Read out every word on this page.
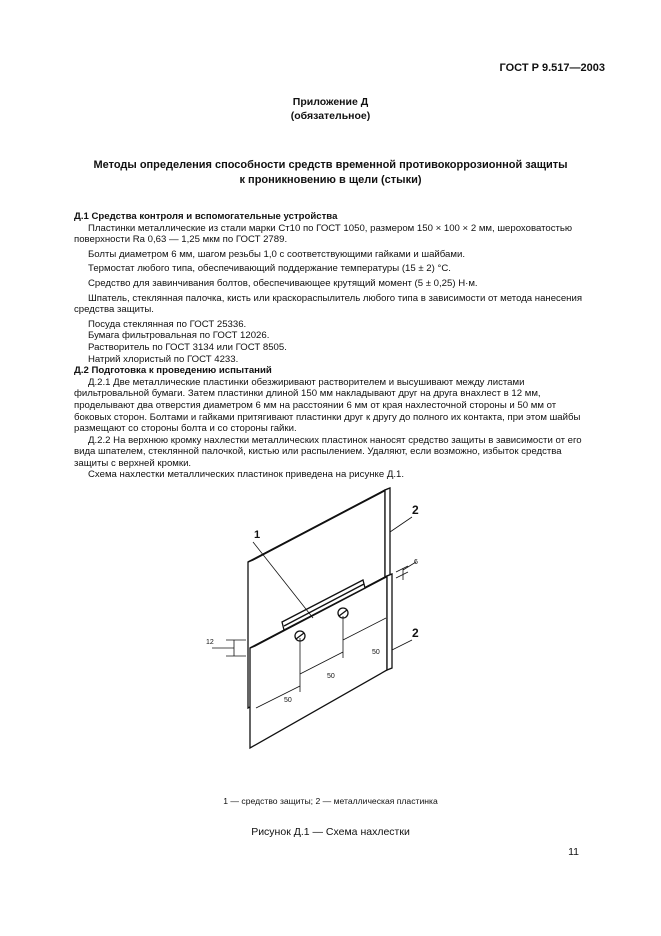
ГОСТ Р 9.517—2003
Приложение Д
(обязательное)
Методы определения способности средств временной противокоррозионной защиты
к проникновению в щели (стыки)

Д.1 Средства контроля и вспомогательные устройства

Пластинки металлические из стали марки Ст10 по ГОСТ 1050, размером 150 × 100 × 2 мм, шероховатостью поверхности Ra 0,63 — 1,25 мкм по ГОСТ 2789.

Болты диаметром 6 мм, шагом резьбы 1,0 с соответствующими гайками и шайбами.

Термостат любого типа, обеспечивающий поддержание температуры (15 ± 2) °С.

Средство для завинчивания болтов, обеспечивающее крутящий момент (5 ± 0,25) Н·м.

Шпатель, стеклянная палочка, кисть или краскораспылитель любого типа в зависимости от метода нанесения средства защиты.

Посуда стеклянная по ГОСТ 25336.

Бумага фильтровальная по ГОСТ 12026.

Растворитель по ГОСТ 3134 или ГОСТ 8505.

Натрий хлористый по ГОСТ 4233.

Д.2 Подготовка к проведению испытаний

Д.2.1 Две металлические пластинки обезжиривают растворителем и высушивают между листами фильтровальной бумаги. Затем пластинки длиной 150 мм накладывают друг на друга внахлест в 12 мм, проделывают два отверстия диаметром 6 мм на расстоянии 6 мм от края нахлесточной стороны и 50 мм от боковых сторон. Болтами и гайками притягивают пластинки друг к другу до полного их контакта, при этом шайбы размещают со стороны болта и со стороны гайки.

Д.2.2 На верхнюю кромку нахлестки металлических пластинок наносят средство защиты в зависимости от его вида шпателем, стеклянной палочкой, кистью или распылением. Удаляют, если возможно, избыток средства защиты с верхней кромки.

Схема нахлестки металлических пластинок приведена на рисунке Д.1.

1
2
2
6
12
50
50
50
1 — средство защиты; 2 — металлическая пластинка
Рисунок Д.1 — Схема нахлестки
11
